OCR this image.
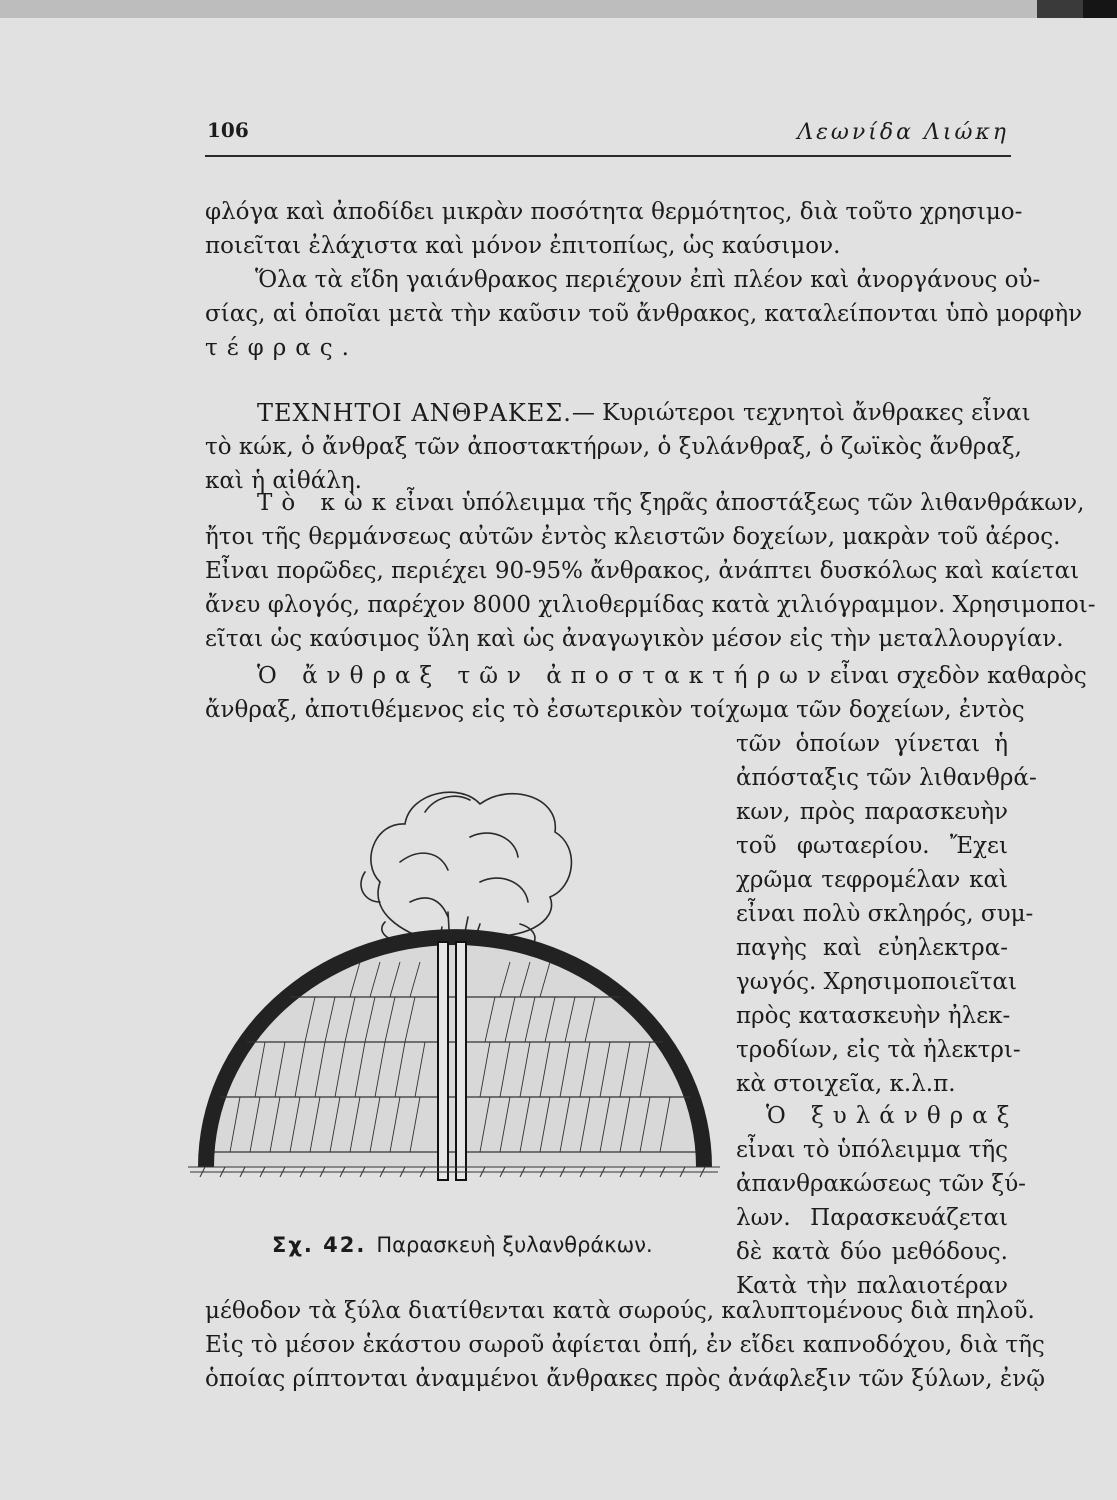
106	Λεωνίδα Λιώκη
φλόγα καὶ ἀποδίδει μικρὰν ποσότητα θερμότητος, διὰ τοῦτο χρησιμο-
ποιεῖται ἐλάχιστα καὶ μόνον ἐπιτοπίως, ὡς καύσιμον.
Ὅλα τὰ εἴδη γαιάνθρακος περιέχουν ἐπὶ πλέον καὶ ἀνοργάνους οὐ-
σίας, αἱ ὁποῖαι μετὰ τὴν καῦσιν τοῦ ἄνθρακος, καταλείπονται ὑπὸ μορφὴν
τέφρας.
ΤΕΧΝΗΤΟΙ ΑΝΘΡΑΚΕΣ. — Κυριώτεροι τεχνητοὶ ἄνθρακες εἶναι
τὸ κώκ, ὁ ἄνθραξ τῶν ἀποστακτήρων, ὁ ξυλάνθραξ, ὁ ζωϊκὸς ἄνθραξ,
καὶ ἡ αἰθάλη.
Τὸ κὼκ εἶναι ὑπόλειμμα τῆς ξηρᾶς ἀποστάξεως τῶν λιθανθράκων,
ἤτοι τῆς θερμάνσεως αὐτῶν ἐντὸς κλειστῶν δοχείων, μακρὰν τοῦ ἀέρος.
Εἶναι πορῶδες, περιέχει 90-95% ἄνθρακος, ἀνάπτει δυσκόλως καὶ καίεται
ἄνευ φλογός, παρέχον 8000 χιλιοθερμίδας κατὰ χιλιόγραμμον. Χρησιμοποι-
εῖται ὡς καύσιμος ὕλη καὶ ὡς ἀναγωγικὸν μέσον εἰς τὴν μεταλλουργίαν.
Ὁ ἄνθραξ τῶν ἀποστακτήρων εἶναι σχεδὸν καθαρὸς
ἄνθραξ, ἀποτιθέμενος εἰς τὸ ἐσωτερικὸν τοίχωμα τῶν δοχείων, ἐντὸς
τῶν ὁποίων γίνεται ἡ
ἀπόσταξις τῶν λιθανθρά-
κων, πρὸς παρασκευὴν
τοῦ φωταερίου. Ἔχει
χρῶμα τεφρομέλαν καὶ
εἶναι πολὺ σκληρός, συμ-
παγὴς καὶ εὐηλεκτρα-
γωγός. Χρησιμοποιεῖται
πρὸς κατασκευὴν ἠλεκ-
τροδίων, εἰς τὰ ἠλεκτρι-
κὰ στοιχεῖα, κ.λ.π.
Ὁ ξυλάνθραξ
εἶναι τὸ ὑπόλειμμα τῆς
ἀπανθρακώσεως τῶν ξύ-
λων. Παρασκευάζεται
δὲ κατὰ δύο μεθόδους.
Κατὰ τὴν παλαιοτέραν
μέθοδον τὰ ξύλα διατίθενται κατὰ σωρούς, καλυπτομένους διὰ πηλοῦ.
Εἰς τὸ μέσον ἑκάστου σωροῦ ἀφίεται ὀπή, ἐν εἴδει καπνοδόχου, διὰ τῆς
ὁποίας ρίπτονται ἀναμμένοι ἄνθρακες πρὸς ἀνάφλεξιν τῶν ξύλων, ἐνῷ
Σχ. 42. Παρασκευὴ ξυλανθράκων.
